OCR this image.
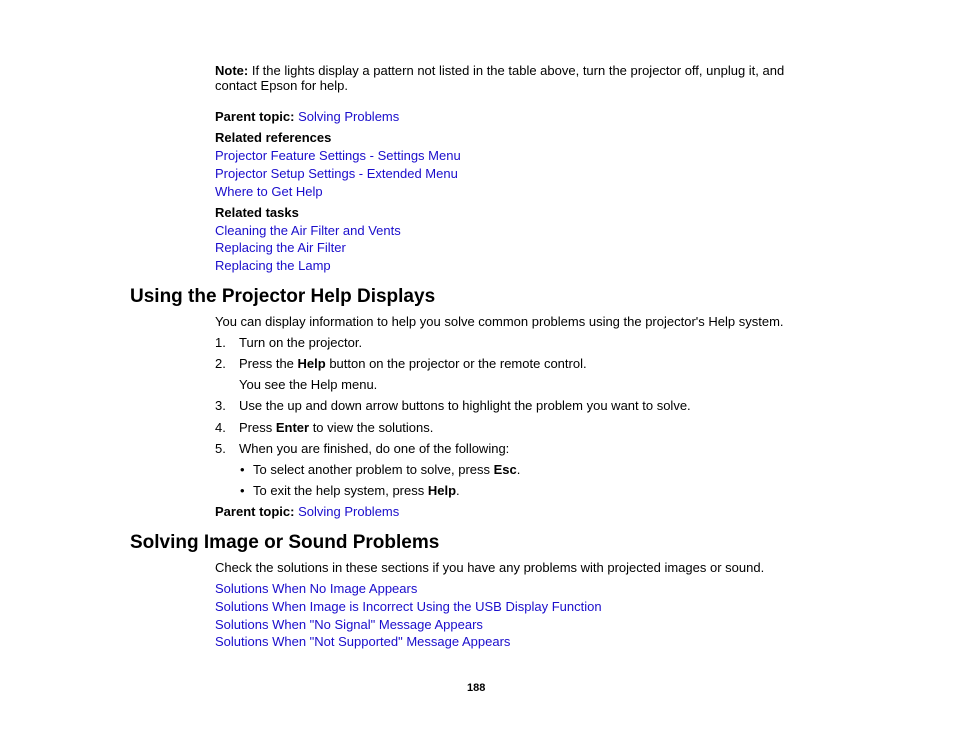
Note: If the lights display a pattern not listed in the table above, turn the projector off, unplug it, and
contact Epson for help.
Parent topic: Solving Problems
Related references
Projector Feature Settings - Settings Menu
Projector Setup Settings - Extended Menu
Where to Get Help
Related tasks
Cleaning the Air Filter and Vents
Replacing the Air Filter
Replacing the Lamp
Using the Projector Help Displays
You can display information to help you solve common problems using the projector's Help system.
1. Turn on the projector.
2. Press the Help button on the projector or the remote control.
You see the Help menu.
3. Use the up and down arrow buttons to highlight the problem you want to solve.
4. Press Enter to view the solutions.
5. When you are finished, do one of the following:
• To select another problem to solve, press Esc.
• To exit the help system, press Help.
Parent topic: Solving Problems
Solving Image or Sound Problems
Check the solutions in these sections if you have any problems with projected images or sound.
Solutions When No Image Appears
Solutions When Image is Incorrect Using the USB Display Function
Solutions When "No Signal" Message Appears
Solutions When "Not Supported" Message Appears
188
